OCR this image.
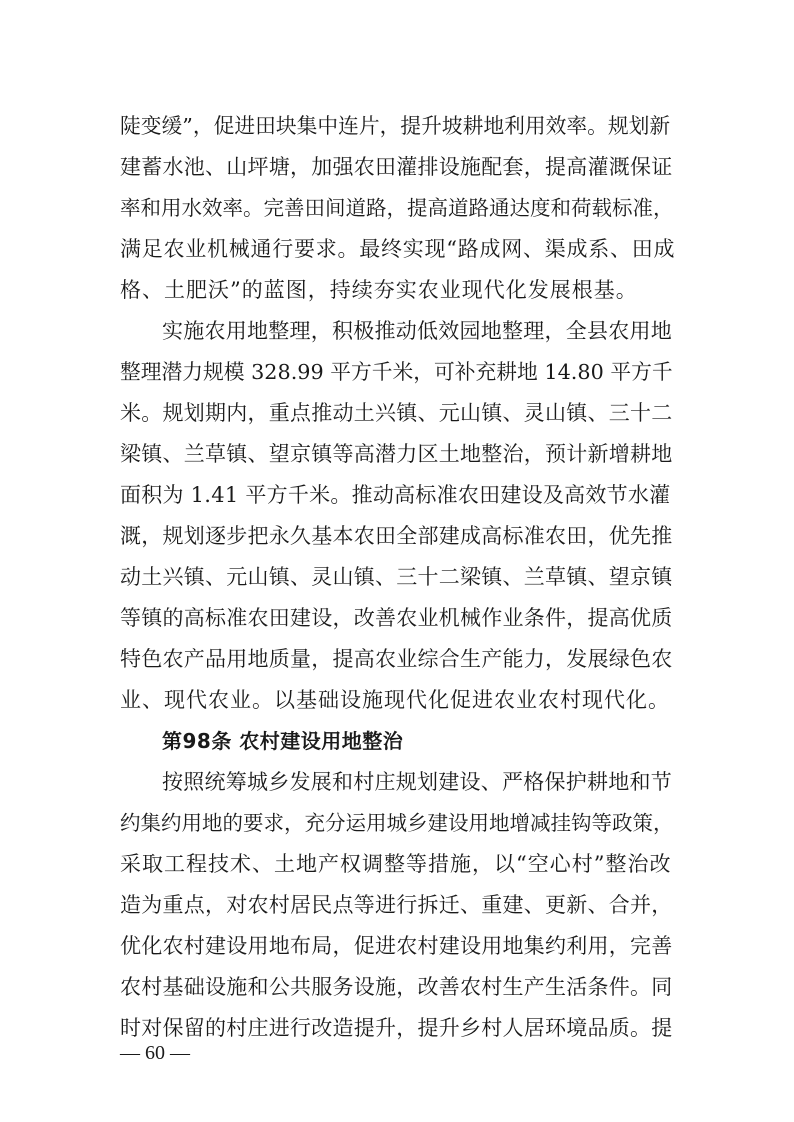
陡变缓”，促进田块集中连片，提升坡耕地利用效率。规划新
建蓄水池、山坪塘，加强农田灌排设施配套，提高灌溉保证
率和用水效率。完善田间道路，提高道路通达度和荷载标准，
满足农业机械通行要求。最终实现“路成网、渠成系、田成
格、土肥沃”的蓝图，持续夯实农业现代化发展根基。
实施农用地整理，积极推动低效园地整理，全县农用地
整理潜力规模 328.99 平方千米，可补充耕地 14.80 平方千
米。规划期内，重点推动土兴镇、元山镇、灵山镇、三十二
梁镇、兰草镇、望京镇等高潜力区土地整治，预计新增耕地
面积为 1.41 平方千米。推动高标准农田建设及高效节水灌
溉，规划逐步把永久基本农田全部建成高标准农田，优先推
动土兴镇、元山镇、灵山镇、三十二梁镇、兰草镇、望京镇
等镇的高标准农田建设，改善农业机械作业条件，提高优质
特色农产品用地质量，提高农业综合生产能力，发展绿色农
业、现代农业。以基础设施现代化促进农业农村现代化。
第98条 农村建设用地整治
按照统筹城乡发展和村庄规划建设、严格保护耕地和节
约集约用地的要求，充分运用城乡建设用地增减挂钩等政策，
采取工程技术、土地产权调整等措施，以“空心村”整治改
造为重点，对农村居民点等进行拆迁、重建、更新、合并，
优化农村建设用地布局，促进农村建设用地集约利用，完善
农村基础设施和公共服务设施，改善农村生产生活条件。同
时对保留的村庄进行改造提升，提升乡村人居环境品质。提
— 60 —
